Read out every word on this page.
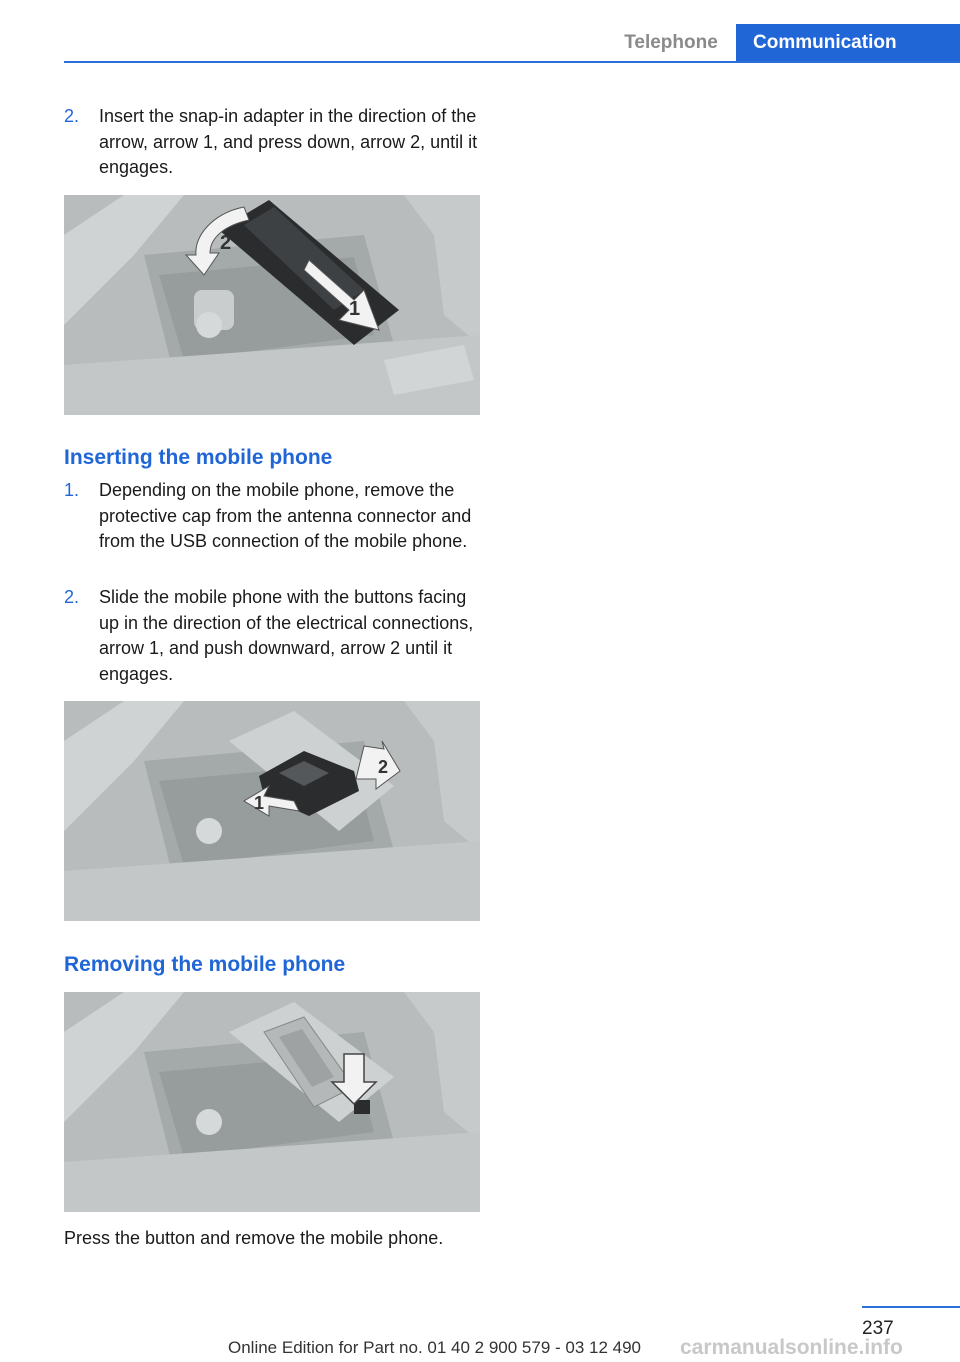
Telephone Communication
2. Insert the snap-in adapter in the direction of the arrow, arrow 1, and press down, arrow 2, until it engages.
1
2
Inserting the mobile phone
1. Depending on the mobile phone, remove the protective cap from the antenna connector and from the USB connection of the mobile phone.
2. Slide the mobile phone with the buttons facing up in the direction of the electrical connections, arrow 1, and push downward, arrow 2 until it engages.
1
2
Removing the mobile phone
Press the button and remove the mobile phone.
237
Online Edition for Part no. 01 40 2 900 579 - 03 12 490 carmanualsonline.info
